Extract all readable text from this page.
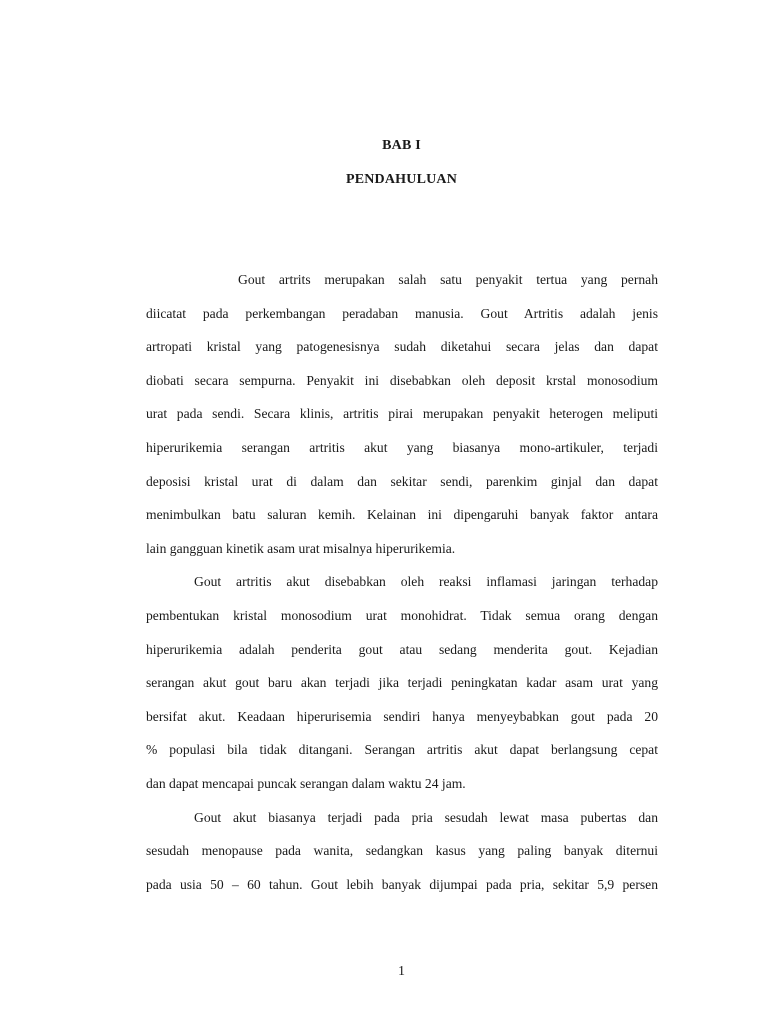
BAB I
PENDAHULUAN
Gout artrits merupakan salah satu penyakit tertua yang pernah
diicatat pada perkembangan peradaban manusia. Gout Artritis adalah jenis
artropati kristal yang patogenesisnya sudah diketahui secara jelas dan dapat
diobati secara sempurna. Penyakit ini disebabkan oleh deposit krstal monosodium
urat pada sendi. Secara klinis, artritis pirai merupakan penyakit heterogen meliputi
hiperurikemia serangan artritis akut yang biasanya mono-artikuler, terjadi
deposisi kristal urat di dalam dan sekitar sendi, parenkim ginjal dan dapat
menimbulkan batu saluran kemih. Kelainan ini dipengaruhi banyak faktor antara
lain gangguan kinetik asam urat misalnya hiperurikemia.
Gout artritis akut disebabkan oleh reaksi inflamasi jaringan terhadap
pembentukan kristal monosodium urat monohidrat. Tidak semua orang dengan
hiperurikemia adalah penderita gout atau sedang menderita gout. Kejadian
serangan akut gout baru akan terjadi jika terjadi peningkatan kadar asam urat yang
bersifat akut. Keadaan hiperurisemia sendiri hanya menyeybabkan gout pada 20
% populasi bila tidak ditangani. Serangan artritis akut dapat berlangsung cepat
dan dapat mencapai puncak serangan dalam waktu 24 jam.
Gout akut biasanya terjadi pada pria sesudah lewat masa pubertas dan
sesudah menopause pada wanita, sedangkan kasus yang paling banyak diternui
pada usia 50 – 60 tahun. Gout lebih banyak dijumpai pada pria, sekitar 5,9 persen
1
